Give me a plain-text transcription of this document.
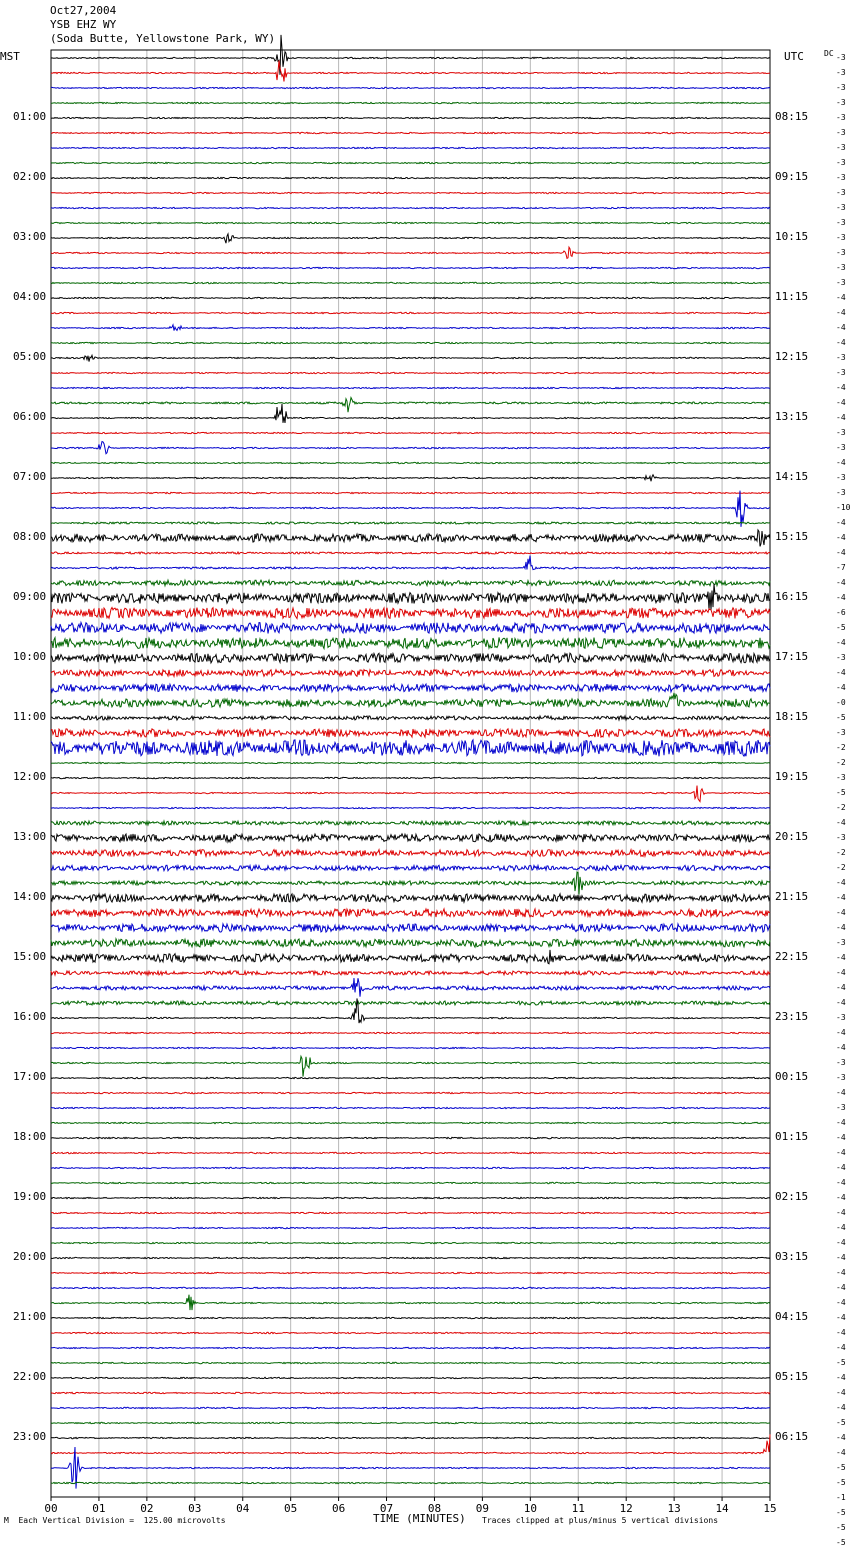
Oct27,2004
YSB EHZ WY
(Soda Butte, Yellowstone Park, WY)
MST	UTC	DC
01:00
02:00
03:00
04:00
05:00
06:00
07:00
08:00
09:00
10:00
11:00
12:00
13:00
14:00
15:00
16:00
17:00
18:00
19:00
20:00
21:00
22:00
23:00
08:15
09:15
10:15
11:15
12:15
13:15
14:15
15:15
16:15
17:15
18:15
19:15
20:15
21:15
22:15
23:15
00:15
01:15
02:15
03:15
04:15
05:15
06:15
-3
-3
-3
-3
-3
-3
-3
-3
-3
-3
-3
-3
-3
-3
-3
-3
-4
-4
-4
-4
-3
-3
-4
-4
-4
-3
-3
-4
-3
-3
-10
-4
-4
-4
-7
-4
-4
-6
-5
-4
-3
-4
-4
-0
-5
-3
-2
-2
-3
-5
-2
-4
-3
-2
-2
-4
-4
-4
-4
-3
-4
-4
-4
-4
-3
-4
-4
-3
-3
-4
-3
-4
-4
-4
-4
-4
-4
-4
-4
-4
-4
-4
-4
-4
-4
-4
-4
-5
-4
-4
-4
-5
-4
-4
-5
-5
-1
-5
-5
-5
00	01	02	03	04	05	06	07	08	09	10	11	12	13	14	15
TIME (MINUTES)
M  Each Vertical Division =  125.00 microvolts	Traces clipped at plus/minus 5 vertical divisions
